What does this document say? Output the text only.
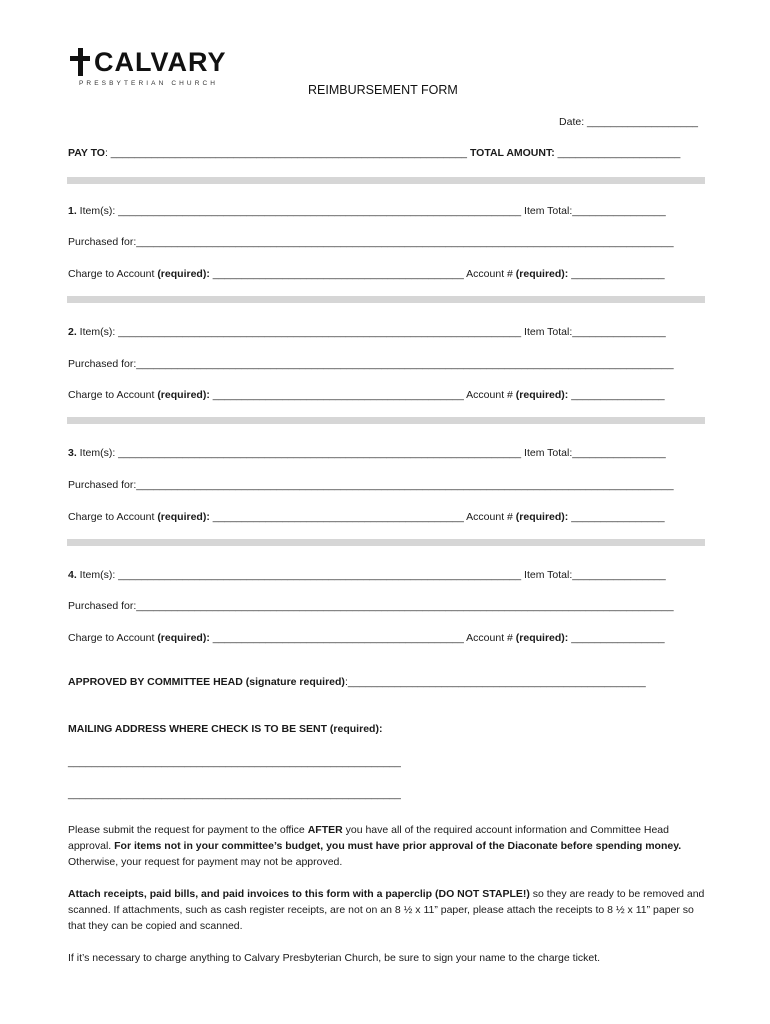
CALVARY
PRESBYTERIAN CHURCH	REIMBURSEMENT FORM
Date: ___________________
PAY TO: _____________________________________________________________ TOTAL AMOUNT: _____________________
1. Item(s): _____________________________________________________________________ Item Total:________________
Purchased for:____________________________________________________________________________________________
Charge to Account (required): ___________________________________________ Account # (required): ________________
2. Item(s): _____________________________________________________________________ Item Total:________________
Purchased for:____________________________________________________________________________________________
Charge to Account (required): ___________________________________________ Account # (required): ________________
3. Item(s): _____________________________________________________________________ Item Total:________________
Purchased for:____________________________________________________________________________________________
Charge to Account (required): ___________________________________________ Account # (required): ________________
4. Item(s): _____________________________________________________________________ Item Total:________________
Purchased for:____________________________________________________________________________________________
Charge to Account (required): ___________________________________________ Account # (required): ________________
APPROVED BY COMMITTEE HEAD (signature required):___________________________________________________
MAILING ADDRESS WHERE CHECK IS TO BE SENT (required):
_________________________________________________________
_________________________________________________________
Please submit the request for payment to the office AFTER you have all of the required account information and Committee Head approval. For items not in your committee’s budget, you must have prior approval of the Diaconate before spending money. Otherwise, your request for payment may not be approved.
Attach receipts, paid bills, and paid invoices to this form with a paperclip (DO NOT STAPLE!) so they are ready to be removed and scanned. If attachments, such as cash register receipts, are not on an 8 ½ x 11” paper, please attach the receipts to 8 ½ x 11” paper so that they can be copied and scanned.
If it’s necessary to charge anything to Calvary Presbyterian Church, be sure to sign your name to the charge ticket.
